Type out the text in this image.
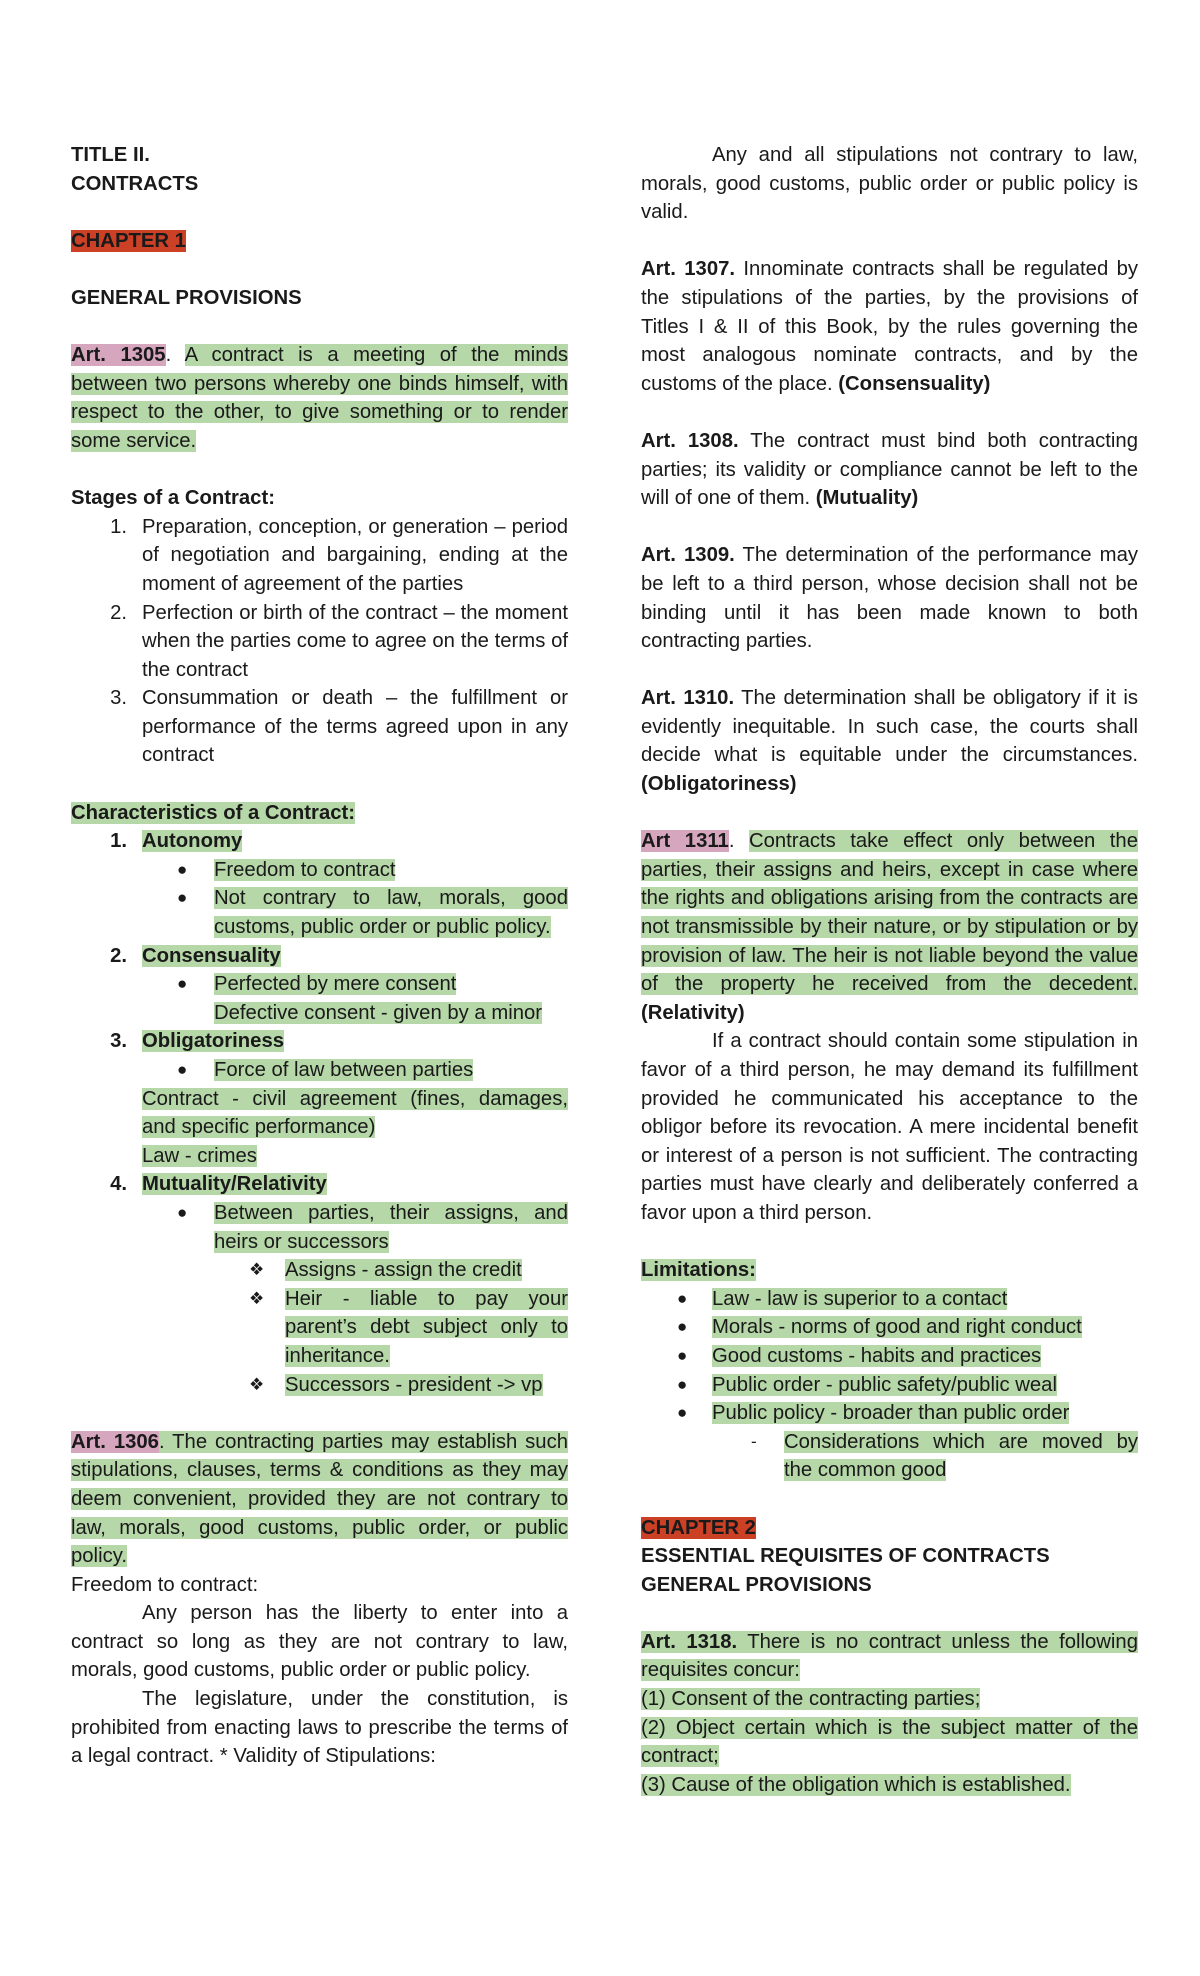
TITLE II.
CONTRACTS
CHAPTER 1
GENERAL PROVISIONS
Art. 1305. A contract is a meeting of the minds between two persons whereby one binds himself, with respect to the other, to give something or to render some service.
Stages of a Contract:
1. Preparation, conception, or generation – period of negotiation and bargaining, ending at the moment of agreement of the parties
2. Perfection or birth of the contract – the moment when the parties come to agree on the terms of the contract
3. Consummation or death – the fulfillment or performance of the terms agreed upon in any contract
Characteristics of a Contract:
1. Autonomy
● Freedom to contract
● Not contrary to law, morals, good customs, public order or public policy.
2. Consensuality
● Perfected by mere consent
Defective consent - given by a minor
3. Obligatoriness
● Force of law between parties
Contract - civil agreement (fines, damages, and specific performance)
Law - crimes
4. Mutuality/Relativity
● Between parties, their assigns, and heirs or successors
❖ Assigns - assign the credit
❖ Heir - liable to pay your parent’s debt subject only to inheritance.
❖ Successors - president -> vp
Art. 1306. The contracting parties may establish such stipulations, clauses, terms & conditions as they may deem convenient, provided they are not contrary to law, morals, good customs, public order, or public policy.
Freedom to contract:
Any person has the liberty to enter into a contract so long as they are not contrary to law, morals, good customs, public order or public policy.
The legislature, under the constitution, is prohibited from enacting laws to prescribe the terms of a legal contract. * Validity of Stipulations:
Any and all stipulations not contrary to law, morals, good customs, public order or public policy is valid.
Art. 1307. Innominate contracts shall be regulated by the stipulations of the parties, by the provisions of Titles I & II of this Book, by the rules governing the most analogous nominate contracts, and by the customs of the place. (Consensuality)
Art. 1308. The contract must bind both contracting parties; its validity or compliance cannot be left to the will of one of them. (Mutuality)
Art. 1309. The determination of the performance may be left to a third person, whose decision shall not be binding until it has been made known to both contracting parties.
Art. 1310. The determination shall be obligatory if it is evidently inequitable. In such case, the courts shall decide what is equitable under the circumstances. (Obligatoriness)
Art 1311. Contracts take effect only between the parties, their assigns and heirs, except in case where the rights and obligations arising from the contracts are not transmissible by their nature, or by stipulation or by provision of law. The heir is not liable beyond the value of the property he received from the decedent. (Relativity)
If a contract should contain some stipulation in favor of a third person, he may demand its fulfillment provided he communicated his acceptance to the obligor before its revocation. A mere incidental benefit or interest of a person is not sufficient. The contracting parties must have clearly and deliberately conferred a favor upon a third person.
Limitations:
● Law - law is superior to a contact
● Morals - norms of good and right conduct
● Good customs - habits and practices
● Public order - public safety/public weal
● Public policy - broader than public order
- Considerations which are moved by the common good
CHAPTER 2
ESSENTIAL REQUISITES OF CONTRACTS
GENERAL PROVISIONS
Art. 1318. There is no contract unless the following requisites concur:
(1) Consent of the contracting parties;
(2) Object certain which is the subject matter of the contract;
(3) Cause of the obligation which is established.
